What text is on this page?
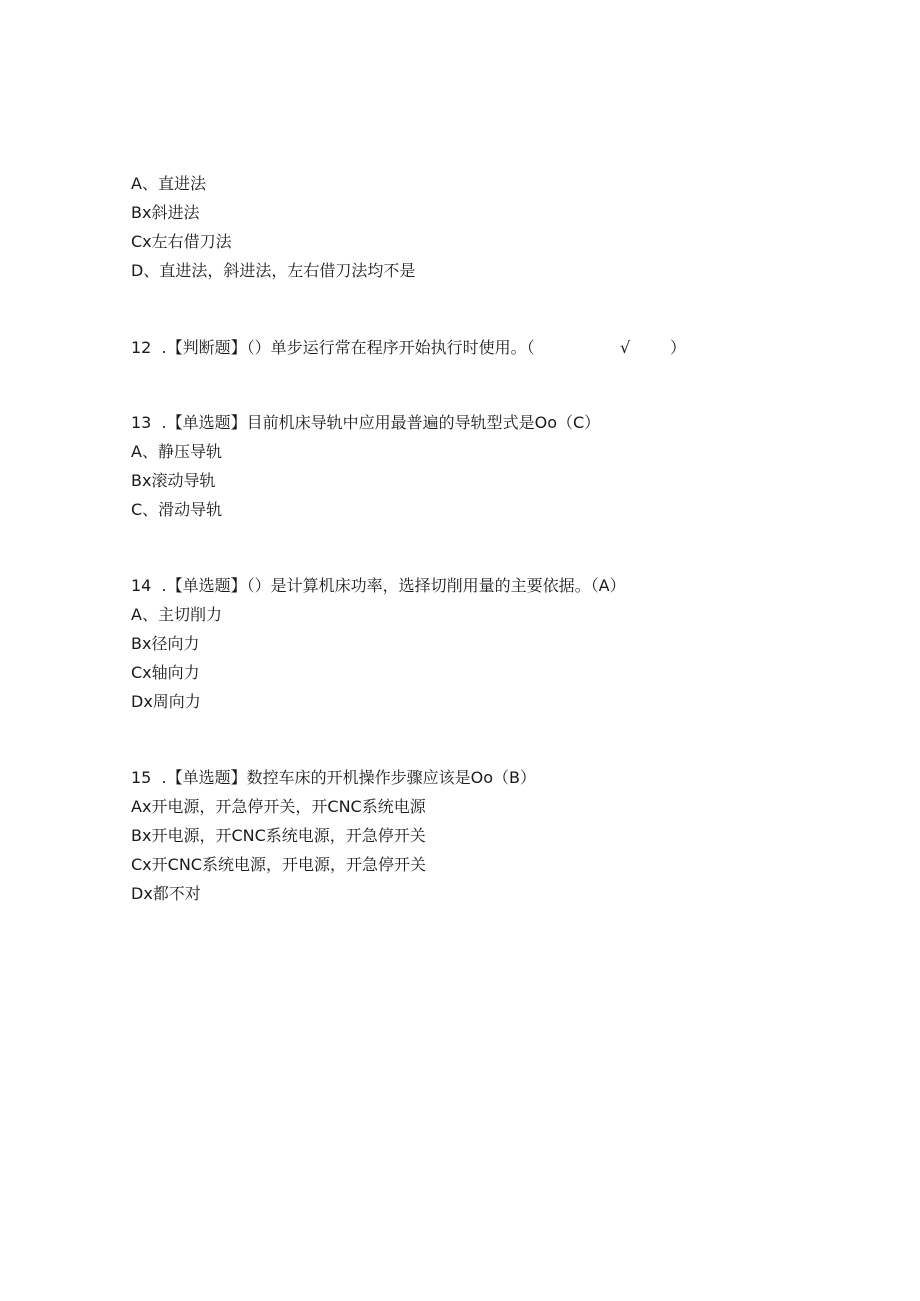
A、直进法
Bx斜进法
Cx左右借刀法
D、直进法，斜进法，左右借刀法均不是
12  .【判断题】（）单步运行常在程序开始执行时使用。（	√ ）
13  .【单选题】目前机床导轨中应用最普遍的导轨型式是Oo（C）
A、静压导轨
Bx滚动导轨
C、滑动导轨
14  .【单选题】（）是计算机床功率，选择切削用量的主要依据。（A）
A、主切削力
Bx径向力
Cx轴向力
Dx周向力
15  .【单选题】数控车床的开机操作步骤应该是Oo（B）
Ax开电源，开急停开关，开CNC系统电源
Bx开电源，开CNC系统电源，开急停开关
Cx开CNC系统电源，开电源，开急停开关
Dx都不对
